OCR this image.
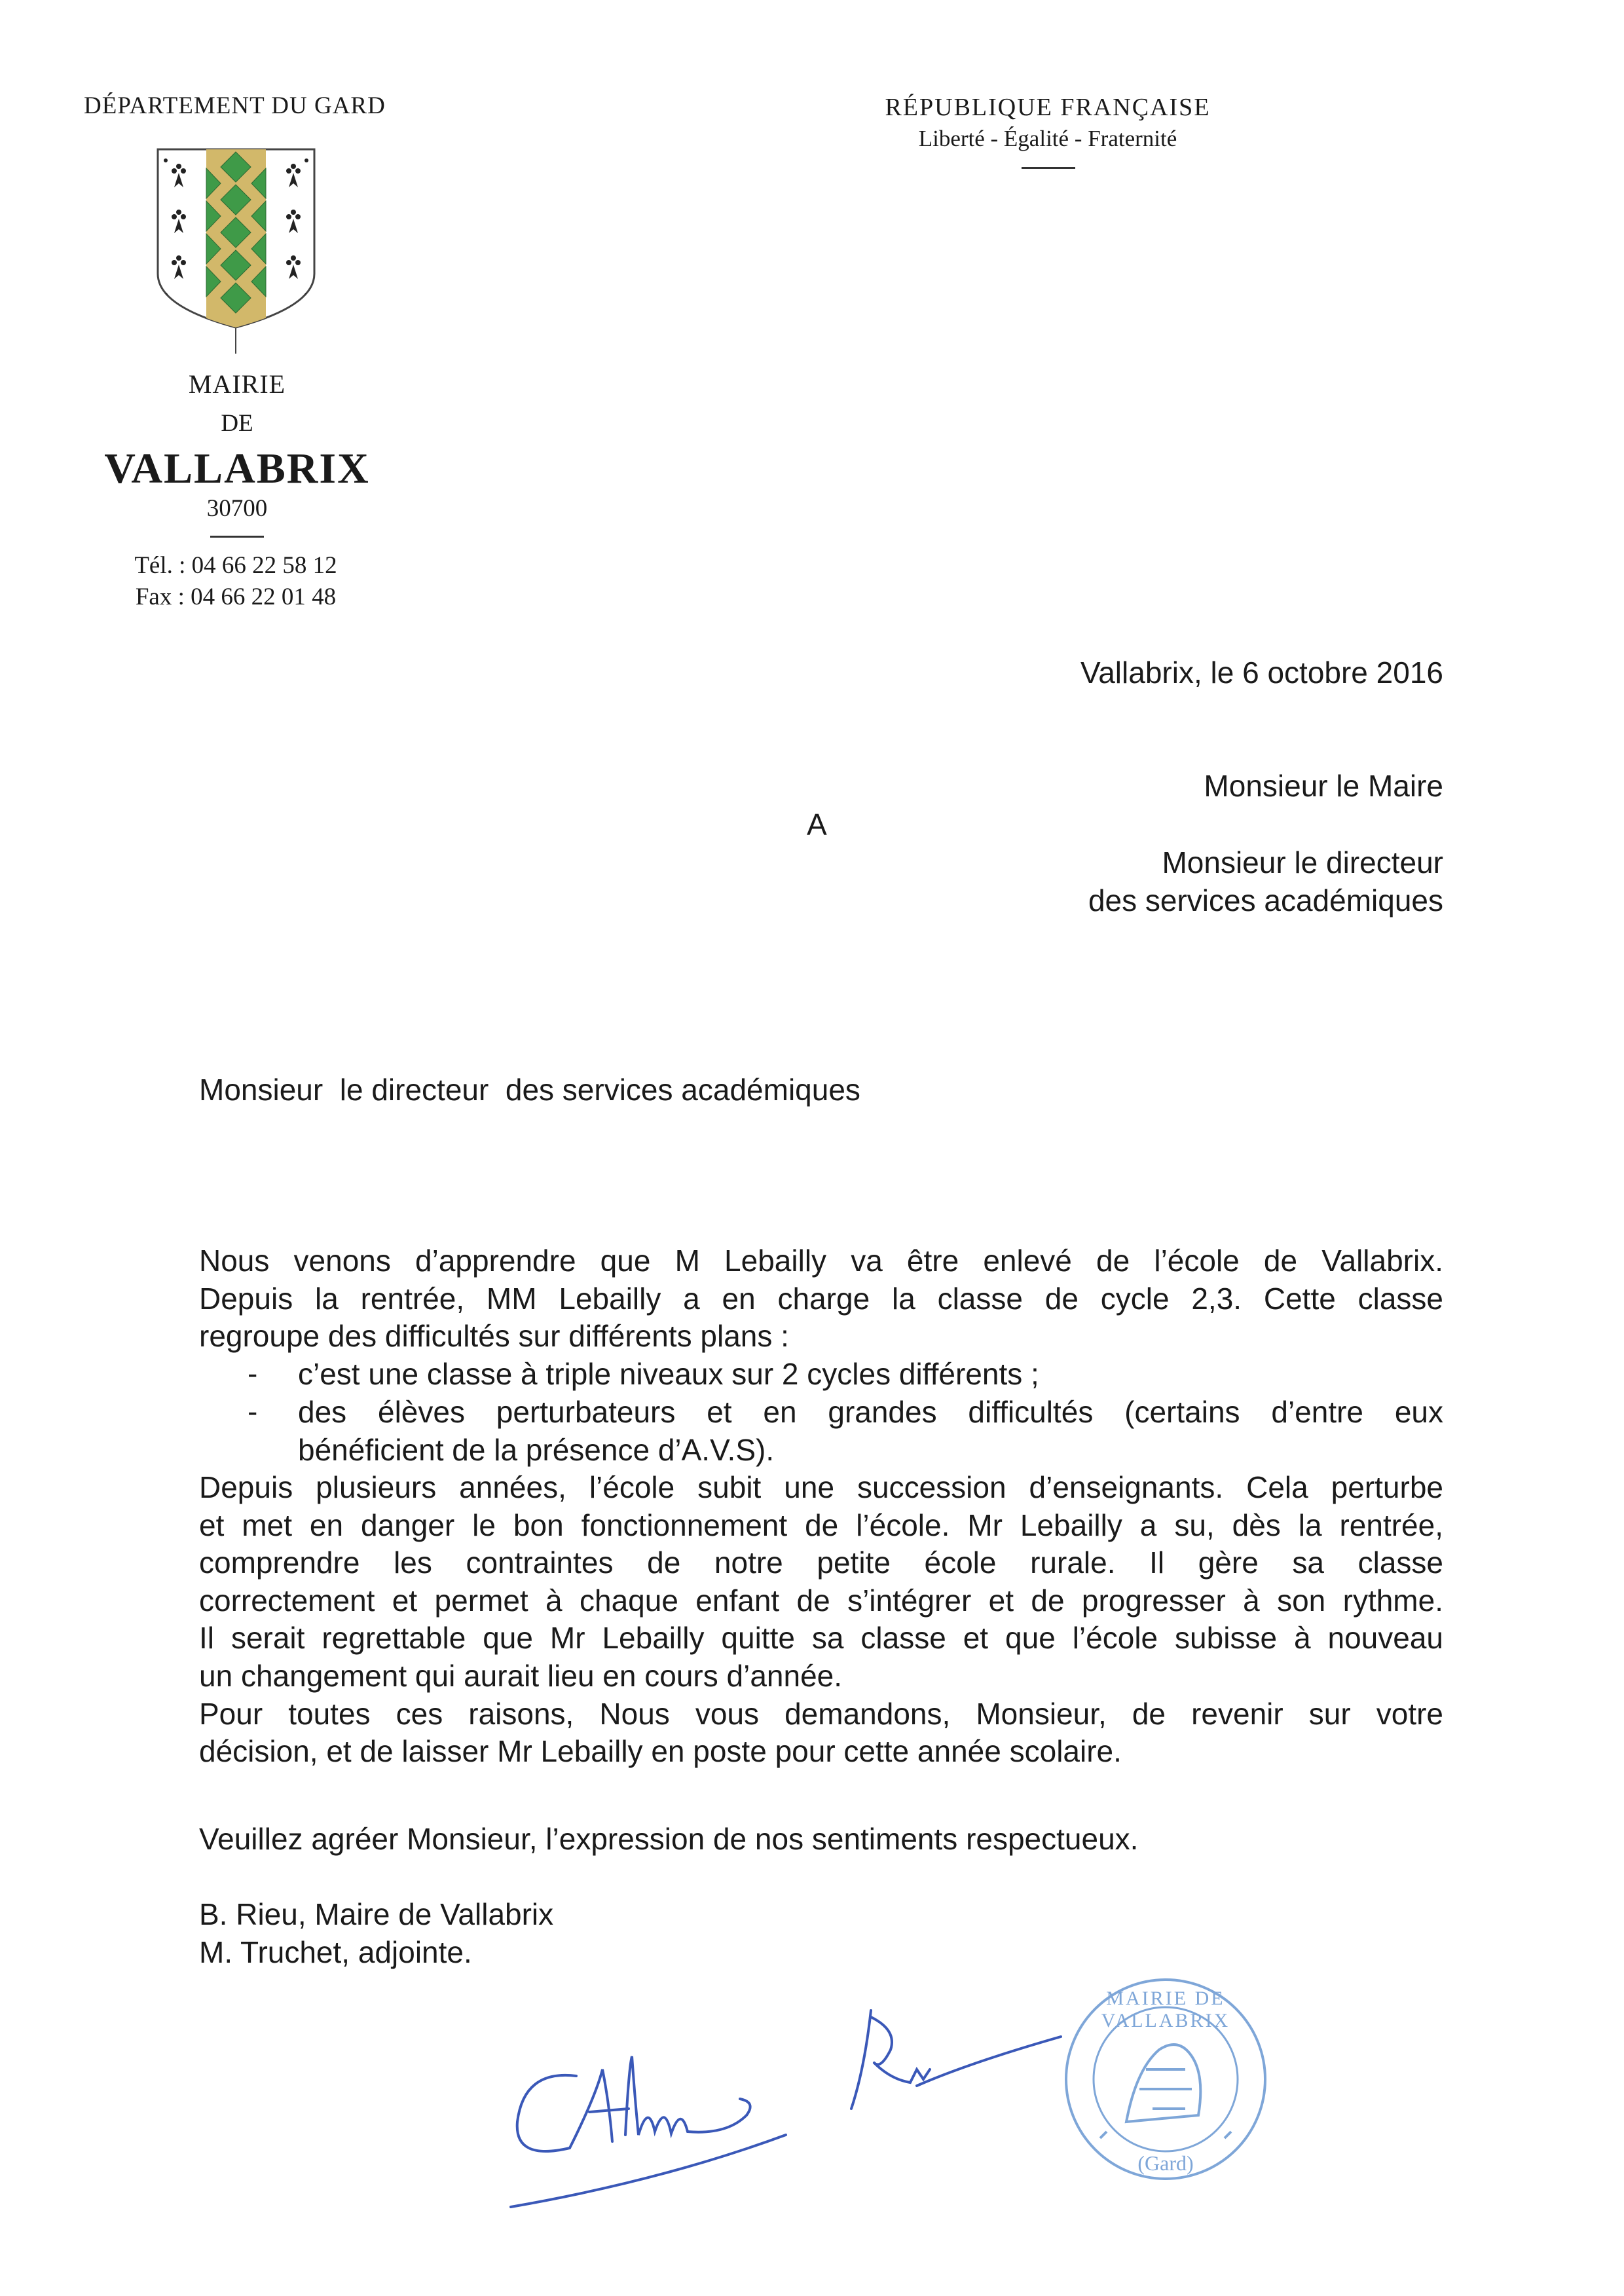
DÉPARTEMENT DU GARD
MAIRIE
DE
VALLABRIX
30700
Tél. : 04 66 22 58 12
Fax : 04 66 22 01 48
RÉPUBLIQUE FRANÇAISE
Liberté - Égalité - Fraternité
Vallabrix, le 6 octobre 2016
Monsieur le Maire
A
Monsieur le directeur
des services académiques
Monsieur  le directeur  des services académiques
Nous venons d’apprendre que M Lebailly va être enlevé de l’école de Vallabrix.
Depuis la rentrée, MM Lebailly a en charge la classe de cycle 2,3. Cette classe
regroupe des difficultés sur différents plans :
- c’est une classe à triple niveaux sur 2 cycles différents ;
- des élèves perturbateurs et en grandes difficultés (certains d’entre eux
bénéficient de la présence d’A.V.S).
Depuis plusieurs années, l’école subit une succession d’enseignants. Cela perturbe
et met en danger le bon fonctionnement de l’école. Mr Lebailly a su, dès la rentrée,
comprendre les contraintes de notre petite école rurale. Il gère sa classe
correctement et permet à chaque enfant de s’intégrer et de progresser à son rythme.
Il serait regrettable que Mr Lebailly quitte sa classe et que l’école subisse à nouveau
un changement qui aurait lieu en cours d’année.
Pour toutes ces raisons, Nous vous demandons, Monsieur, de revenir sur votre
décision, et de laisser Mr Lebailly en poste pour cette année scolaire.
Veuillez agréer Monsieur, l’expression de nos sentiments respectueux.
B. Rieu, Maire de Vallabrix
M. Truchet, adjointe.
MAIRIE DE VALLABRIX
(Gard)
